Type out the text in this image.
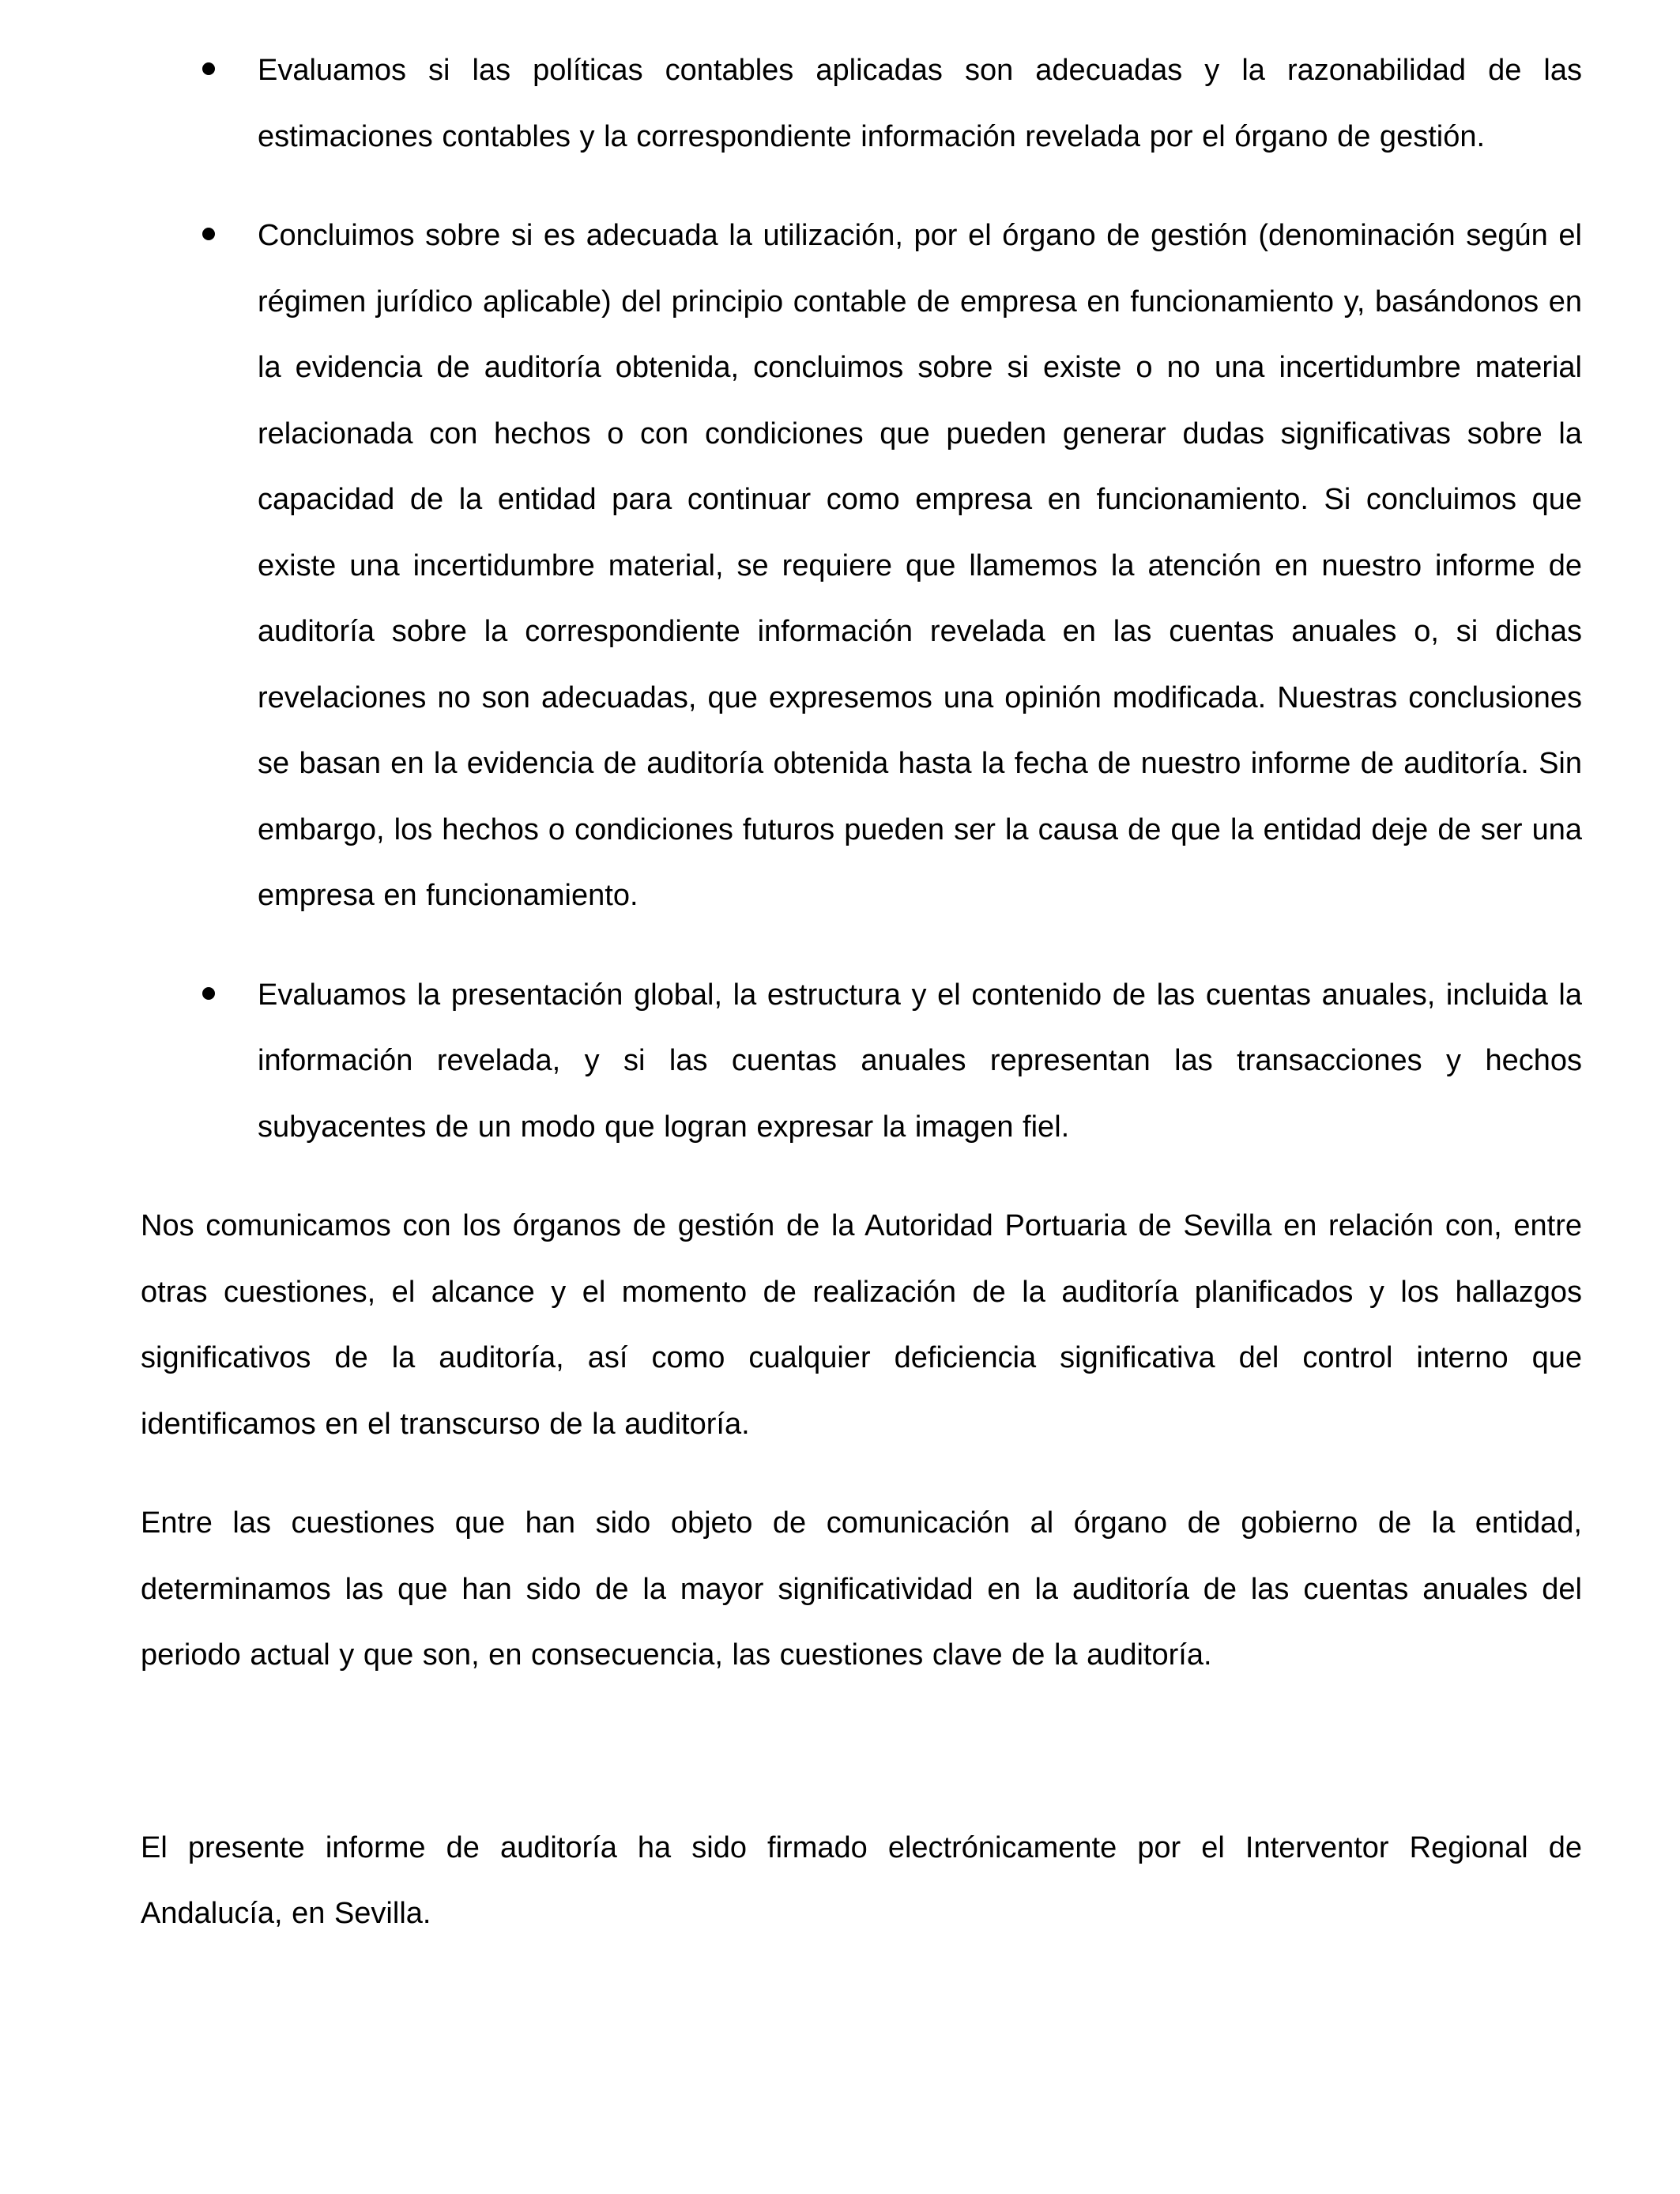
Evaluamos si las políticas contables aplicadas son adecuadas y la razonabilidad de las estimaciones contables y la correspondiente información revelada por el órgano de gestión.

Concluimos sobre si es adecuada la utilización, por el órgano de gestión (denominación según el régimen jurídico aplicable) del principio contable de empresa en funcionamiento y, basándonos en la evidencia de auditoría obtenida, concluimos sobre si existe o no una incertidumbre material relacionada con hechos o con condiciones que pueden generar dudas significativas sobre la capacidad de la entidad para continuar como empresa en funcionamiento. Si concluimos que existe una incertidumbre material, se requiere que llamemos la atención en nuestro informe de auditoría sobre la correspondiente información revelada en las cuentas anuales o, si dichas revelaciones no son adecuadas, que expresemos una opinión modificada. Nuestras conclusiones se basan en la evidencia de auditoría obtenida hasta la fecha de nuestro informe de auditoría. Sin embargo, los hechos o condiciones futuros pueden ser la causa de que la entidad deje de ser una empresa en funcionamiento.

Evaluamos la presentación global, la estructura y el contenido de las cuentas anuales, incluida la información revelada, y si las cuentas anuales representan las transacciones y hechos subyacentes de un modo que logran expresar la imagen fiel.

Nos comunicamos con los órganos de gestión de la Autoridad Portuaria de Sevilla en relación con, entre otras cuestiones, el alcance y el momento de realización de la auditoría planificados y los hallazgos significativos de la auditoría, así como cualquier deficiencia significativa del control interno que identificamos en el transcurso de la auditoría.

Entre las cuestiones que han sido objeto de comunicación al órgano de gobierno de la entidad, determinamos las que han sido de la mayor significatividad en la auditoría de las cuentas anuales del periodo actual y que son, en consecuencia, las cuestiones clave de la auditoría.

El presente informe de auditoría ha sido firmado electrónicamente por el Interventor Regional de Andalucía, en Sevilla.
